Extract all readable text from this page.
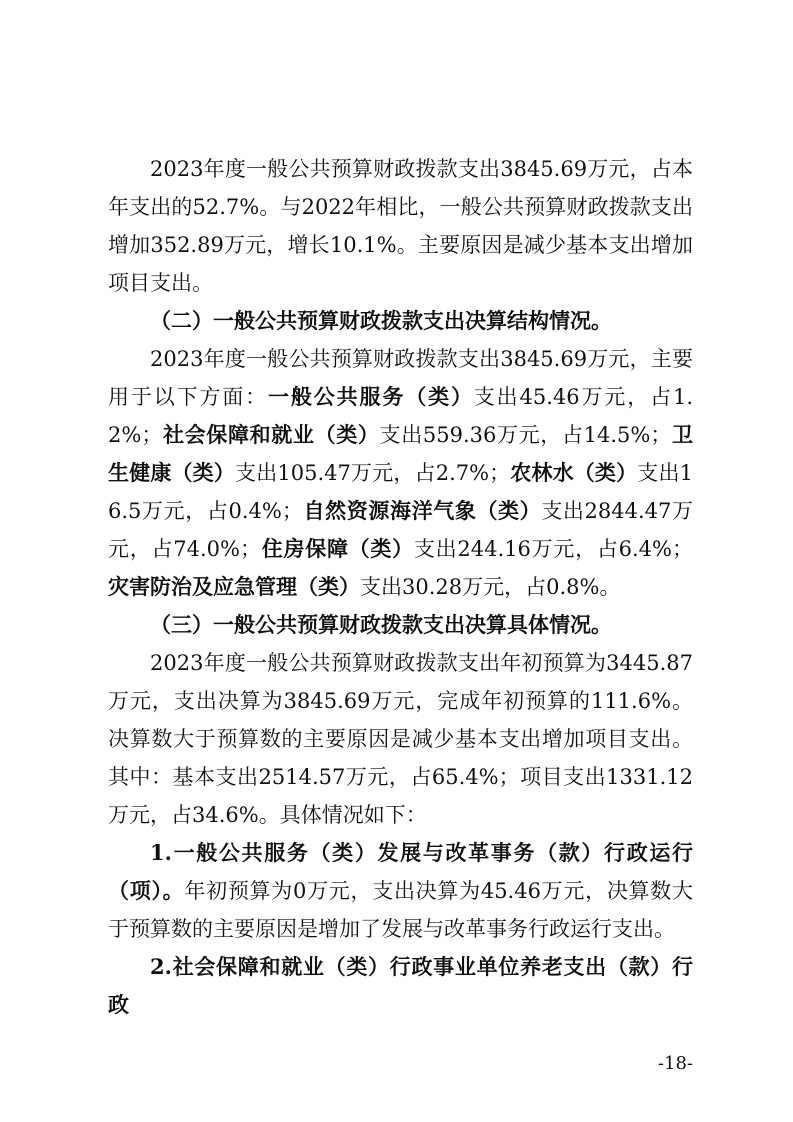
2023年度一般公共预算财政拨款支出3845.69万元，占本年支出的52.7%。与2022年相比，一般公共预算财政拨款支出增加352.89万元，增长10.1%。主要原因是减少基本支出增加项目支出。

（二）一般公共预算财政拨款支出决算结构情况。

2023年度一般公共预算财政拨款支出3845.69万元，主要用于以下方面：一般公共服务（类）支出45.46万元，占1.2%；社会保障和就业（类）支出559.36万元，占14.5%；卫生健康（类）支出105.47万元，占2.7%；农林水（类）支出16.5万元，占0.4%；自然资源海洋气象（类）支出2844.47万元，占74.0%；住房保障（类）支出244.16万元，占6.4%；灾害防治及应急管理（类）支出30.28万元，占0.8%。

（三）一般公共预算财政拨款支出决算具体情况。

2023年度一般公共预算财政拨款支出年初预算为3445.87万元，支出决算为3845.69万元，完成年初预算的111.6%。决算数大于预算数的主要原因是减少基本支出增加项目支出。其中：基本支出2514.57万元，占65.4%；项目支出1331.12万元，占34.6%。具体情况如下：

1.一般公共服务（类）发展与改革事务（款）行政运行（项）。年初预算为0万元，支出决算为45.46万元，决算数大于预算数的主要原因是增加了发展与改革事务行政运行支出。

2.社会保障和就业（类）行政事业单位养老支出（款）行政

-18-
